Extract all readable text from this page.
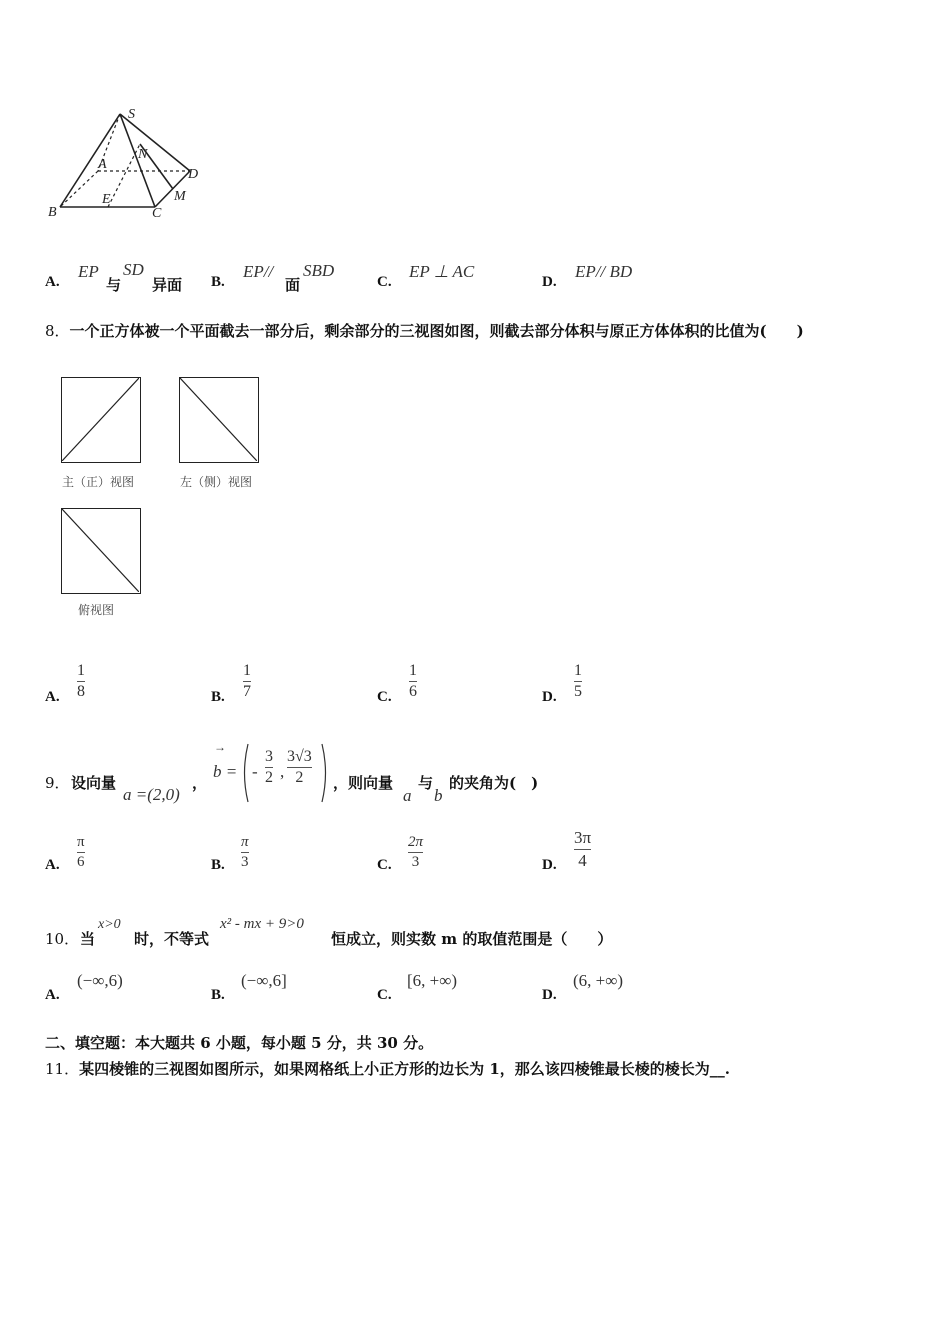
S
N
A
D
M
E
B	C
A.
EP
与
SD
异面 B.
EP//
面
SBD
C.
EP ⊥ AC
D.
EP// BD
8．一个正方体被一个平面截去一部分后，剩余部分的三视图如图，则截去部分体积与原正方体体积的比值为(　　)
主（正）视图	左（侧）视图
俯视图
A.
1
8	B.
1
7	C.
1
6	D.
1
5
9． 设向量
a =(2,0)
，
→
b = -
3
2 ,
3√3
2 ，则向量
a
与
b
的夹角为(　)
A.
π
6	B.
π
3	C.
2π
3	D.
3π
4
10． 当
x>0
时，不等式
x² - mx + 9>0
恒成立，则实数 m 的取值范围是（　　）
A.
(−∞,6)
B.
(−∞,6]
C.
[6, +∞)
D.
(6, +∞)
二、填空题：本大题共 6 小题，每小题 5 分，共 30 分。
11．某四棱锥的三视图如图所示，如果网格纸上小正方形的边长为 1，那么该四棱锥最长棱的棱长为__.
